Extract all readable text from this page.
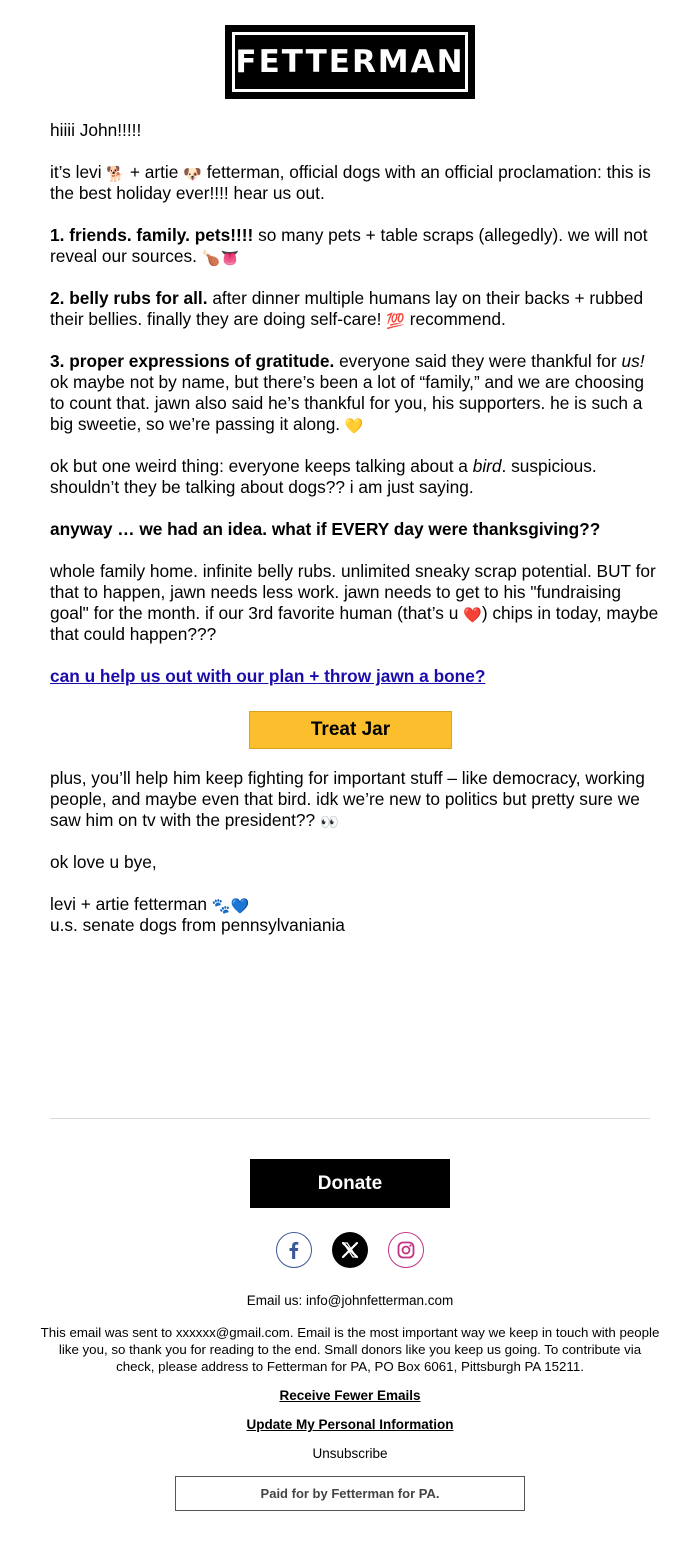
FETTERMAN

hiiii John!!!!!

it’s levi 🐕 + artie 🐶 fetterman, official dogs with an official proclamation: this is the best holiday ever!!!! hear us out.

1. friends. family. pets!!!! so many pets + table scraps (allegedly). we will not reveal our sources. 🍗👅

2. belly rubs for all. after dinner multiple humans lay on their backs + rubbed their bellies. finally they are doing self-care! 💯 recommend.

3. proper expressions of gratitude. everyone said they were thankful for us! ok maybe not by name, but there’s been a lot of “family,” and we are choosing to count that. jawn also said he’s thankful for you, his supporters. he is such a big sweetie, so we’re passing it along. 💛

ok but one weird thing: everyone keeps talking about a bird. suspicious. shouldn’t they be talking about dogs?? i am just saying.

anyway … we had an idea. what if EVERY day were thanksgiving??

whole family home. infinite belly rubs. unlimited sneaky scrap potential. BUT for that to happen, jawn needs less work. jawn needs to get to his "fundraising goal" for the month. if our 3rd favorite human (that’s u ❤️) chips in today, maybe that could happen???

can u help us out with our plan + throw jawn a bone?

Treat Jar

plus, you’ll help him keep fighting for important stuff – like democracy, working people, and maybe even that bird. idk we’re new to politics but pretty sure we saw him on tv with the president?? 👀

ok love u bye,

levi + artie fetterman 🐾💙
u.s. senate dogs from pennsylvaniania

Donate
Email us: info@johnfetterman.com
This email was sent to xxxxxx@gmail.com. Email is the most important way we keep in touch with people like you, so thank you for reading to the end. Small donors like you keep us going. To contribute via check, please address to Fetterman for PA, PO Box 6061, Pittsburgh PA 15211.
Receive Fewer Emails
Update My Personal Information
Unsubscribe
Paid for by Fetterman for PA.
